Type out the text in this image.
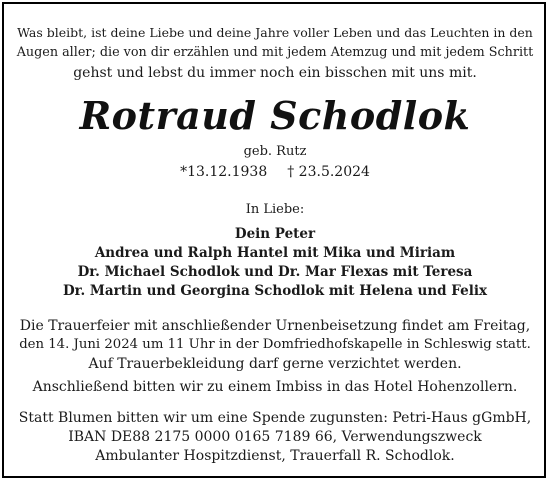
Was bleibt, ist deine Liebe und deine Jahre voller Leben und das Leuchten in den
Augen aller; die von dir erzählen und mit jedem Atemzug und mit jedem Schritt
gehst und lebst du immer noch ein bisschen mit uns mit.
Rotraud Schodlok
geb. Rutz
*13.12.1938 † 23.5.2024
In Liebe:
Dein Peter
Andrea und Ralph Hantel mit Mika und Miriam
Dr. Michael Schodlok und Dr. Mar Flexas mit Teresa
Dr. Martin und Georgina Schodlok mit Helena und Felix
Die Trauerfeier mit anschließender Urnenbeisetzung findet am Freitag,
den 14. Juni 2024 um 11 Uhr in der Domfriedhofskapelle in Schleswig statt.
Auf Trauerbekleidung darf gerne verzichtet werden.
Anschließend bitten wir zu einem Imbiss in das Hotel Hohenzollern.
Statt Blumen bitten wir um eine Spende zugunsten: Petri-Haus gGmbH,
IBAN DE88 2175 0000 0165 7189 66, Verwendungszweck
Ambulanter Hospitzdienst, Trauerfall R. Schodlok.
